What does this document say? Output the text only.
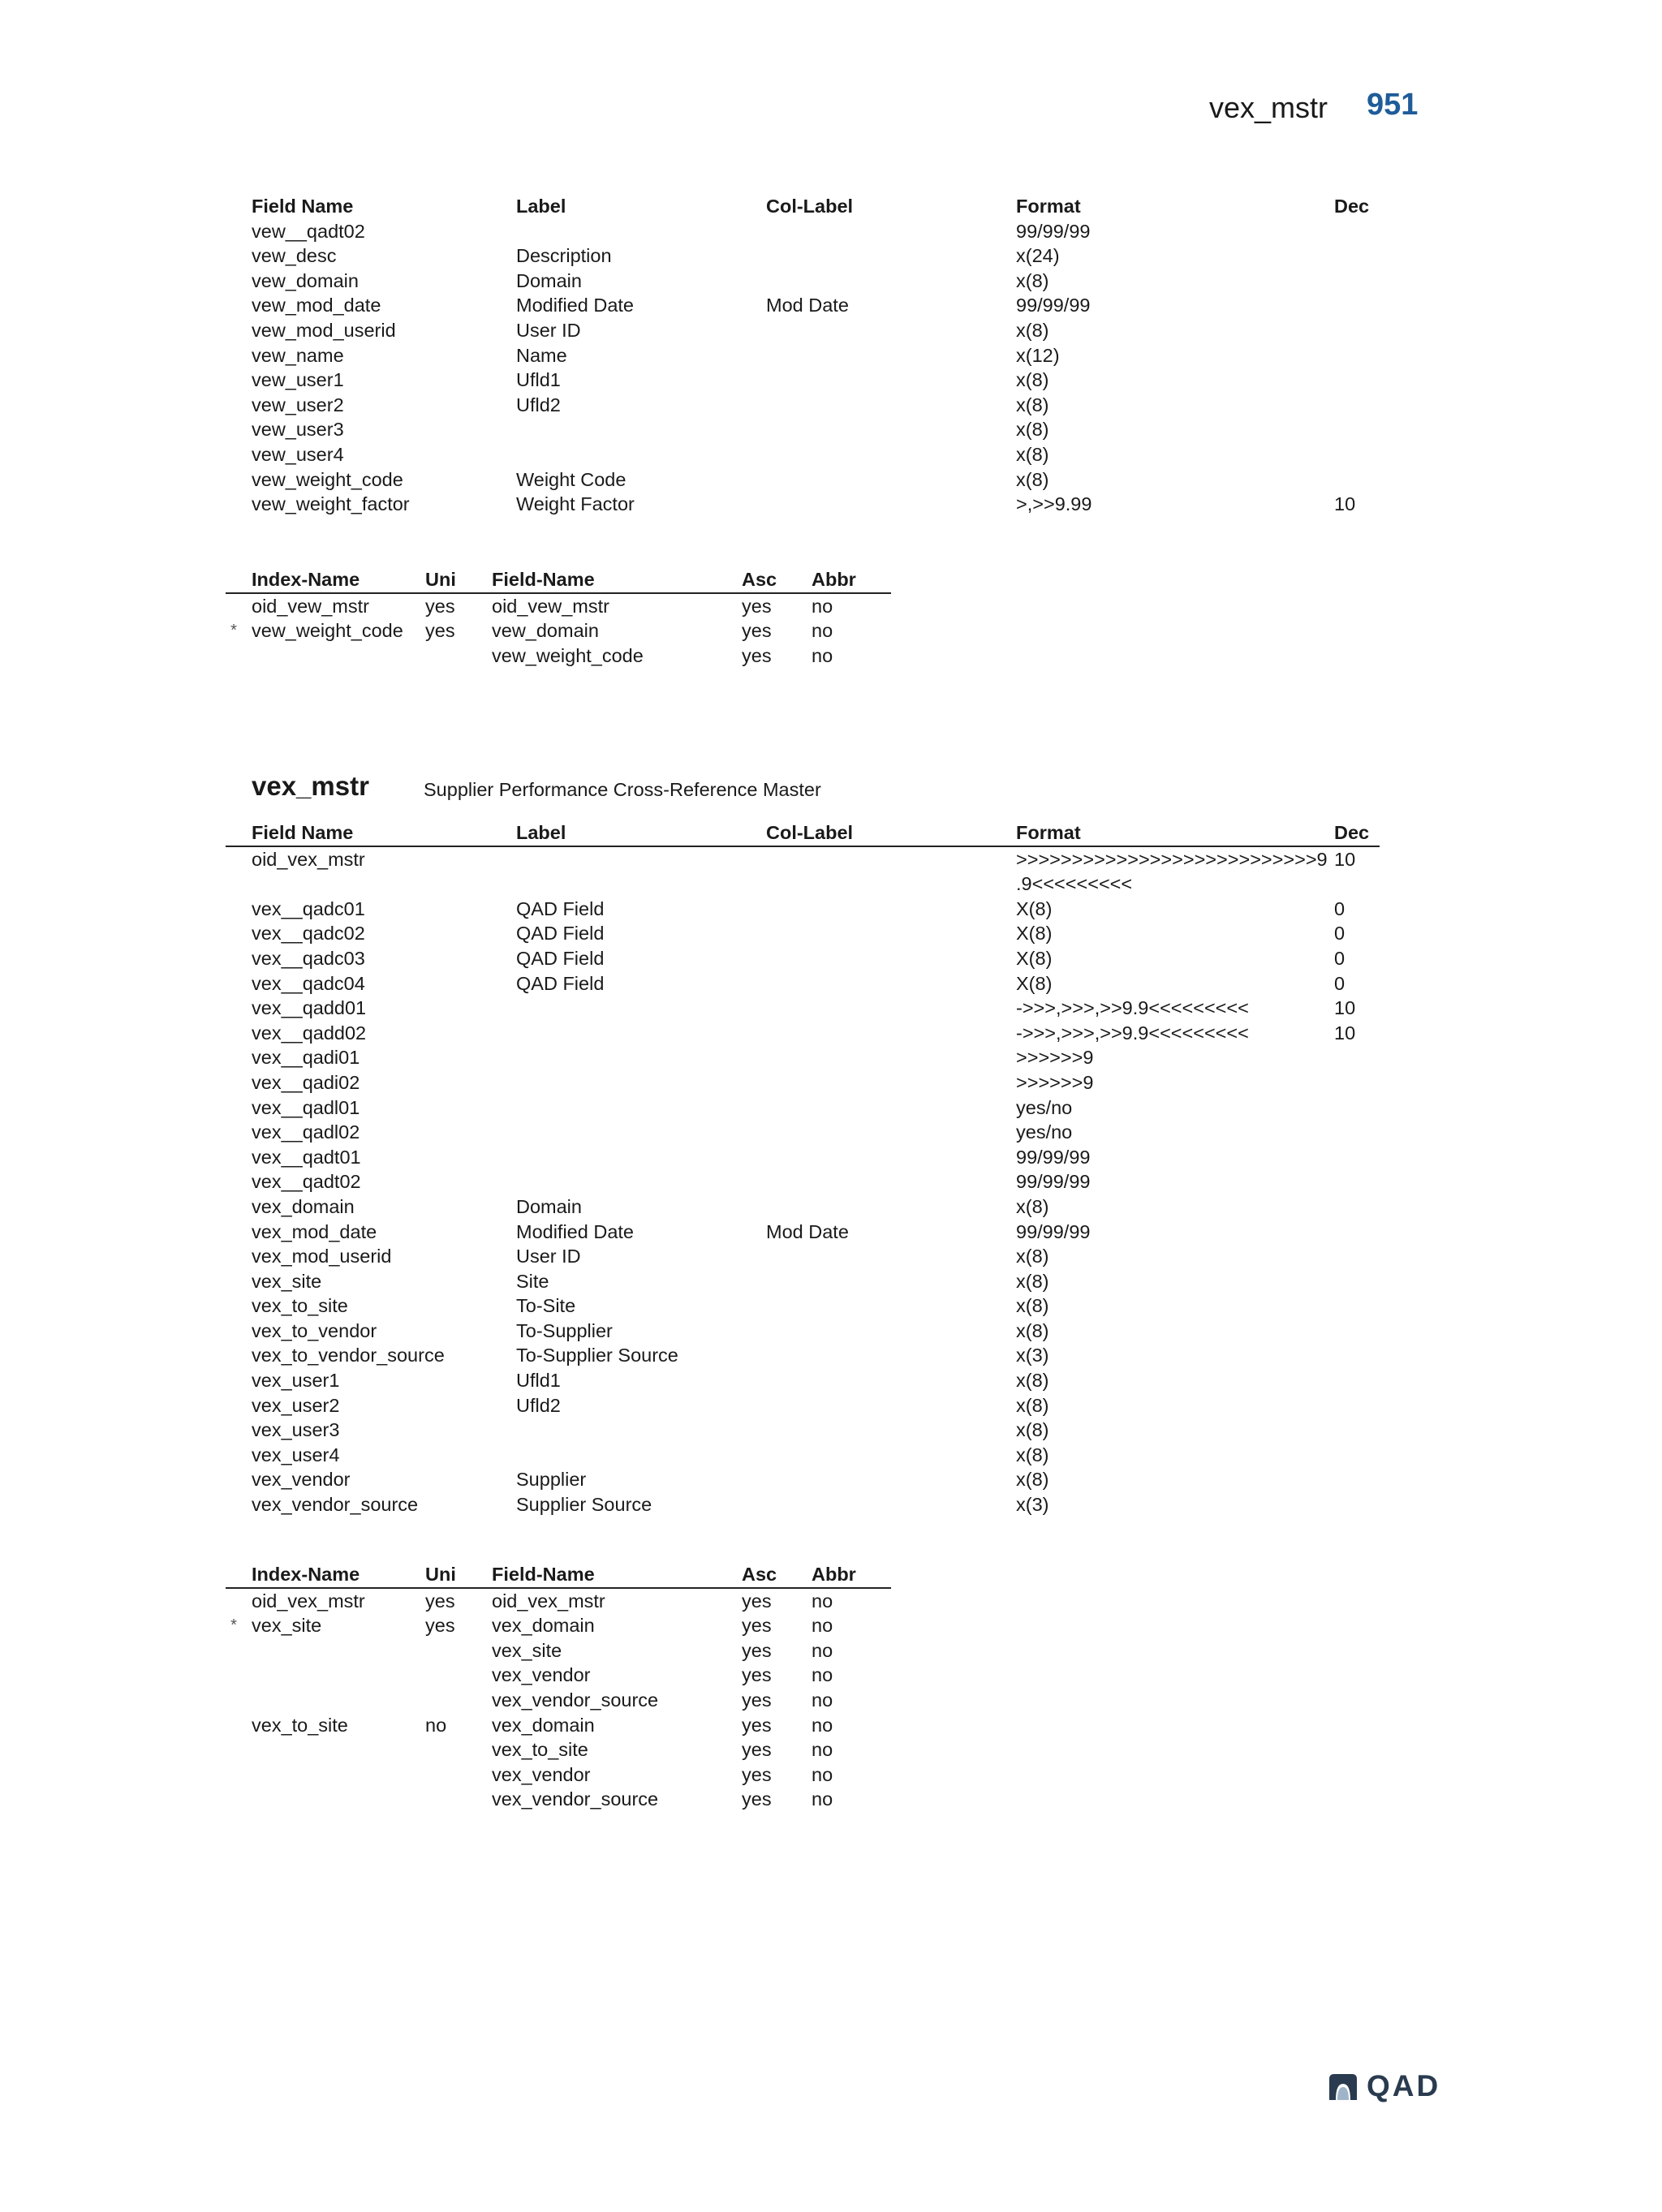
vex_mstr 951
Field Name	Label	Col-Label	Format	Dec
vew__qadt02			99/99/99	

vew_desc	Description		x(24)	

vew_domain	Domain		x(8)	

vew_mod_date	Modified Date	Mod Date	99/99/99	

vew_mod_userid	User ID		x(8)	

vew_name	Name		x(12)	

vew_user1	Ufld1		x(8)	

vew_user2	Ufld2		x(8)	

vew_user3			x(8)	

vew_user4			x(8)	

vew_weight_code	Weight Code		x(8)	

vew_weight_factor	Weight Factor		>,>>9.99	10
Index-Name	Uni	Field-Name	Asc	Abbr
oid_vew_mstr	yes	oid_vew_mstr	yes	no

* vew_weight_code	yes	vew_domain	yes	no
		vew_weight_code	yes	no
vex_mstr	Supplier Performance Cross-Reference Master
Field Name	Label	Col-Label	Format	Dec
oid_vex_mstr			>>>>>>>>>>>>>>>>>>>>>>>>>>>9
.9<<<<<<<<<	10
vex__qadc01	QAD Field		X(8)	0
vex__qadc02	QAD Field		X(8)	0
vex__qadc03	QAD Field		X(8)	0
vex__qadc04	QAD Field		X(8)	0
vex__qadd01			->>>,>>>,>>9.9<<<<<<<<<	10
vex__qadd02			->>>,>>>,>>9.9<<<<<<<<<	10
vex__qadi01			>>>>>>9	

vex__qadi02			>>>>>>9	

vex__qadl01			yes/no	

vex__qadl02			yes/no	

vex__qadt01			99/99/99	

vex__qadt02			99/99/99	

vex_domain	Domain		x(8)	

vex_mod_date	Modified Date	Mod Date	99/99/99	

vex_mod_userid	User ID		x(8)	

vex_site	Site		x(8)	

vex_to_site	To-Site		x(8)	

vex_to_vendor	To-Supplier		x(8)	

vex_to_vendor_source	To-Supplier Source		x(3)	

vex_user1	Ufld1		x(8)	

vex_user2	Ufld2		x(8)	

vex_user3			x(8)	

vex_user4			x(8)	

vex_vendor	Supplier		x(8)	

vex_vendor_source	Supplier Source		x(3)	

Index-Name	Uni	Field-Name	Asc	Abbr
oid_vex_mstr	yes	oid_vex_mstr	yes	no

* vex_site	yes	vex_domain	yes	no
		vex_site	yes	no
		vex_vendor	yes	no
		vex_vendor_source	yes	no
vex_to_site	no	vex_domain	yes	no
		vex_to_site	yes	no
		vex_vendor	yes	no
		vex_vendor_source	yes	no
QAD
